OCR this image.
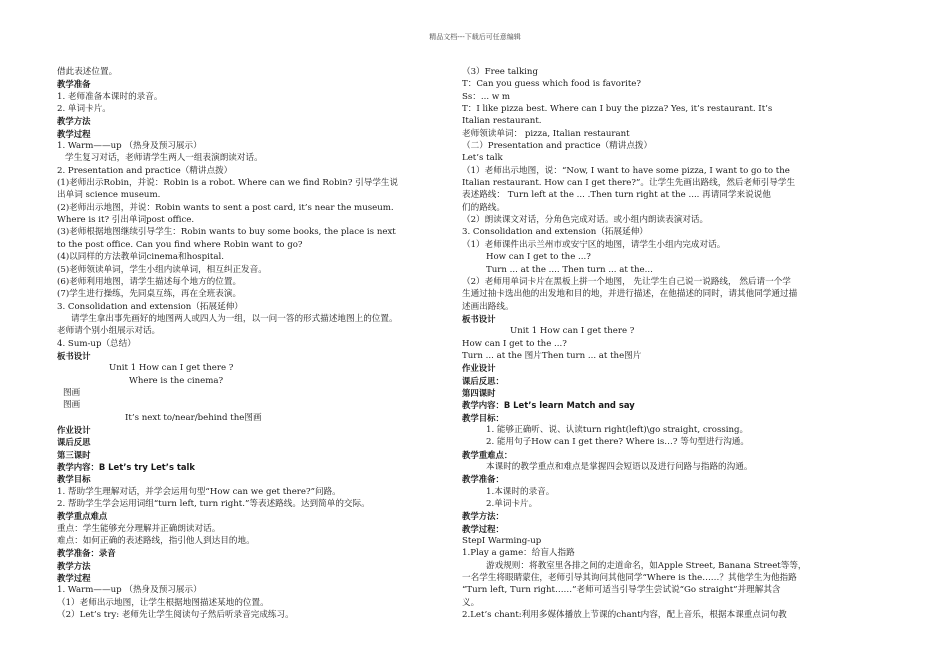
精品文档---下载后可任意编辑
借此表述位置。
教学准备
1. 老师准备本课时的录音。
2. 单词卡片。
教学方法
教学过程
1. Warm——up （热身及预习展示）
学生复习对话，老师请学生两人一组表演朗读对话。
2. Presentation and practice（精讲点拨）
(1)老师出示Robin，并说：Robin is a robot. Where can we find Robin? 引导学生说
出单词 science museum.
(2)老师出示地图，并说：Robin wants to sent a post card, it’s near the museum.
Where is it? 引出单词post office.
(3)老师根据地图继续引导学生：Robin wants to buy some books, the place is next
to the post office. Can you find where Robin want to go?
(4)以同样的方法教单词cinema和hospital.
(5)老师领读单词，学生小组内读单词，相互纠正发音。
(6)老师利用地图，请学生描述每个地方的位置。
(7)学生进行操练，先同桌互练，再在全班表演。
3. Consolidation and extension（拓展延伸）
请学生拿出事先画好的地图两人或四人为一组，以一问一答的形式描述地图上的位置。
老师请个别小组展示对话。
4. Sum-up（总结）
板书设计
Unit 1 How can I get there ?
Where is the cinema?
图画
图画
It’s next to/near/behind the图画
作业设计
课后反思
第三课时
教学内容：B Let’s try Let’s talk
教学目标
1. 帮助学生理解对话，并学会运用句型“How can we get there?”问路。
2. 帮助学生学会运用词组“turn left, turn right.”等表述路线。达到简单的交际。
教学重点难点
重点：学生能够充分理解并正确朗读对话。
难点：如何正确的表述路线，指引他人到达目的地。
教学准备：录音
教学方法
教学过程
1. Warm——up （热身及预习展示）
（1）老师出示地图，让学生根据地图描述某地的位置。
（2）Let’s try: 老师先让学生阅读句子然后听录音完成练习。
（3）Free talking
T：Can you guess which food is favorite?
Ss：... w m
T：I like pizza best. Where can I buy the pizza? Yes, it’s restaurant. It’s
Italian restaurant.
老师领读单词： pizza, Italian restaurant
（二）Presentation and practice（精讲点拨）
Let’s talk
（1）老师出示地图，说：“Now, I want to have some pizza, I want to go to the
Italian restaurant. How can I get there?”。让学生先画出路线，然后老师引导学生
表述路线： Turn left at the ... .Then turn right at the .... 再请同学来说说他
们的路线。
（2）朗读课文对话，分角色完成对话。或小组内朗读表演对话。
3. Consolidation and extension（拓展延伸）
（1）老师课件出示兰州市或安宁区的地图，请学生小组内完成对话。
How can I get to the ...?
Turn ... at the .... Then turn ... at the...
（2）老师用单词卡片在黑板上拼一个地图， 先让学生自己说一说路线， 然后请一个学
生通过抽卡选出他的出发地和目的地，并进行描述，在他描述的同时，请其他同学通过描
述画出路线。
板书设计
Unit 1 How can I get there ?
How can I get to the ...?
Turn ... at the 图片Then turn ... at the图片
作业设计
课后反思：
第四课时
教学内容：B Let’s learn Match and say
教学目标：
1. 能够正确听、说、认读turn right(left)\go straight, crossing。
2. 能用句子How can I get there? Where is…? 等句型进行沟通。
教学重难点：
本课时的教学重点和难点是掌握四会短语以及进行问路与指路的沟通。
教学准备：
1.本课时的录音。
2.单词卡片。
教学方法：
教学过程：
StepI Warming-up
1.Play a game：给盲人指路
游戏规则：将教室里各排之间的走道命名，如Apple Street, Banana Street等等，
一名学生将眼睛蒙住，老师引导其询问其他同学“Where is the……？其他学生为他指路
“Turn left, Turn right……”老师可适当引导学生尝试说“Go straight”并理解其含
义。
2.Let’s chant:利用多媒体播放上节课的chant内容，配上音乐，根据本课重点词句教
